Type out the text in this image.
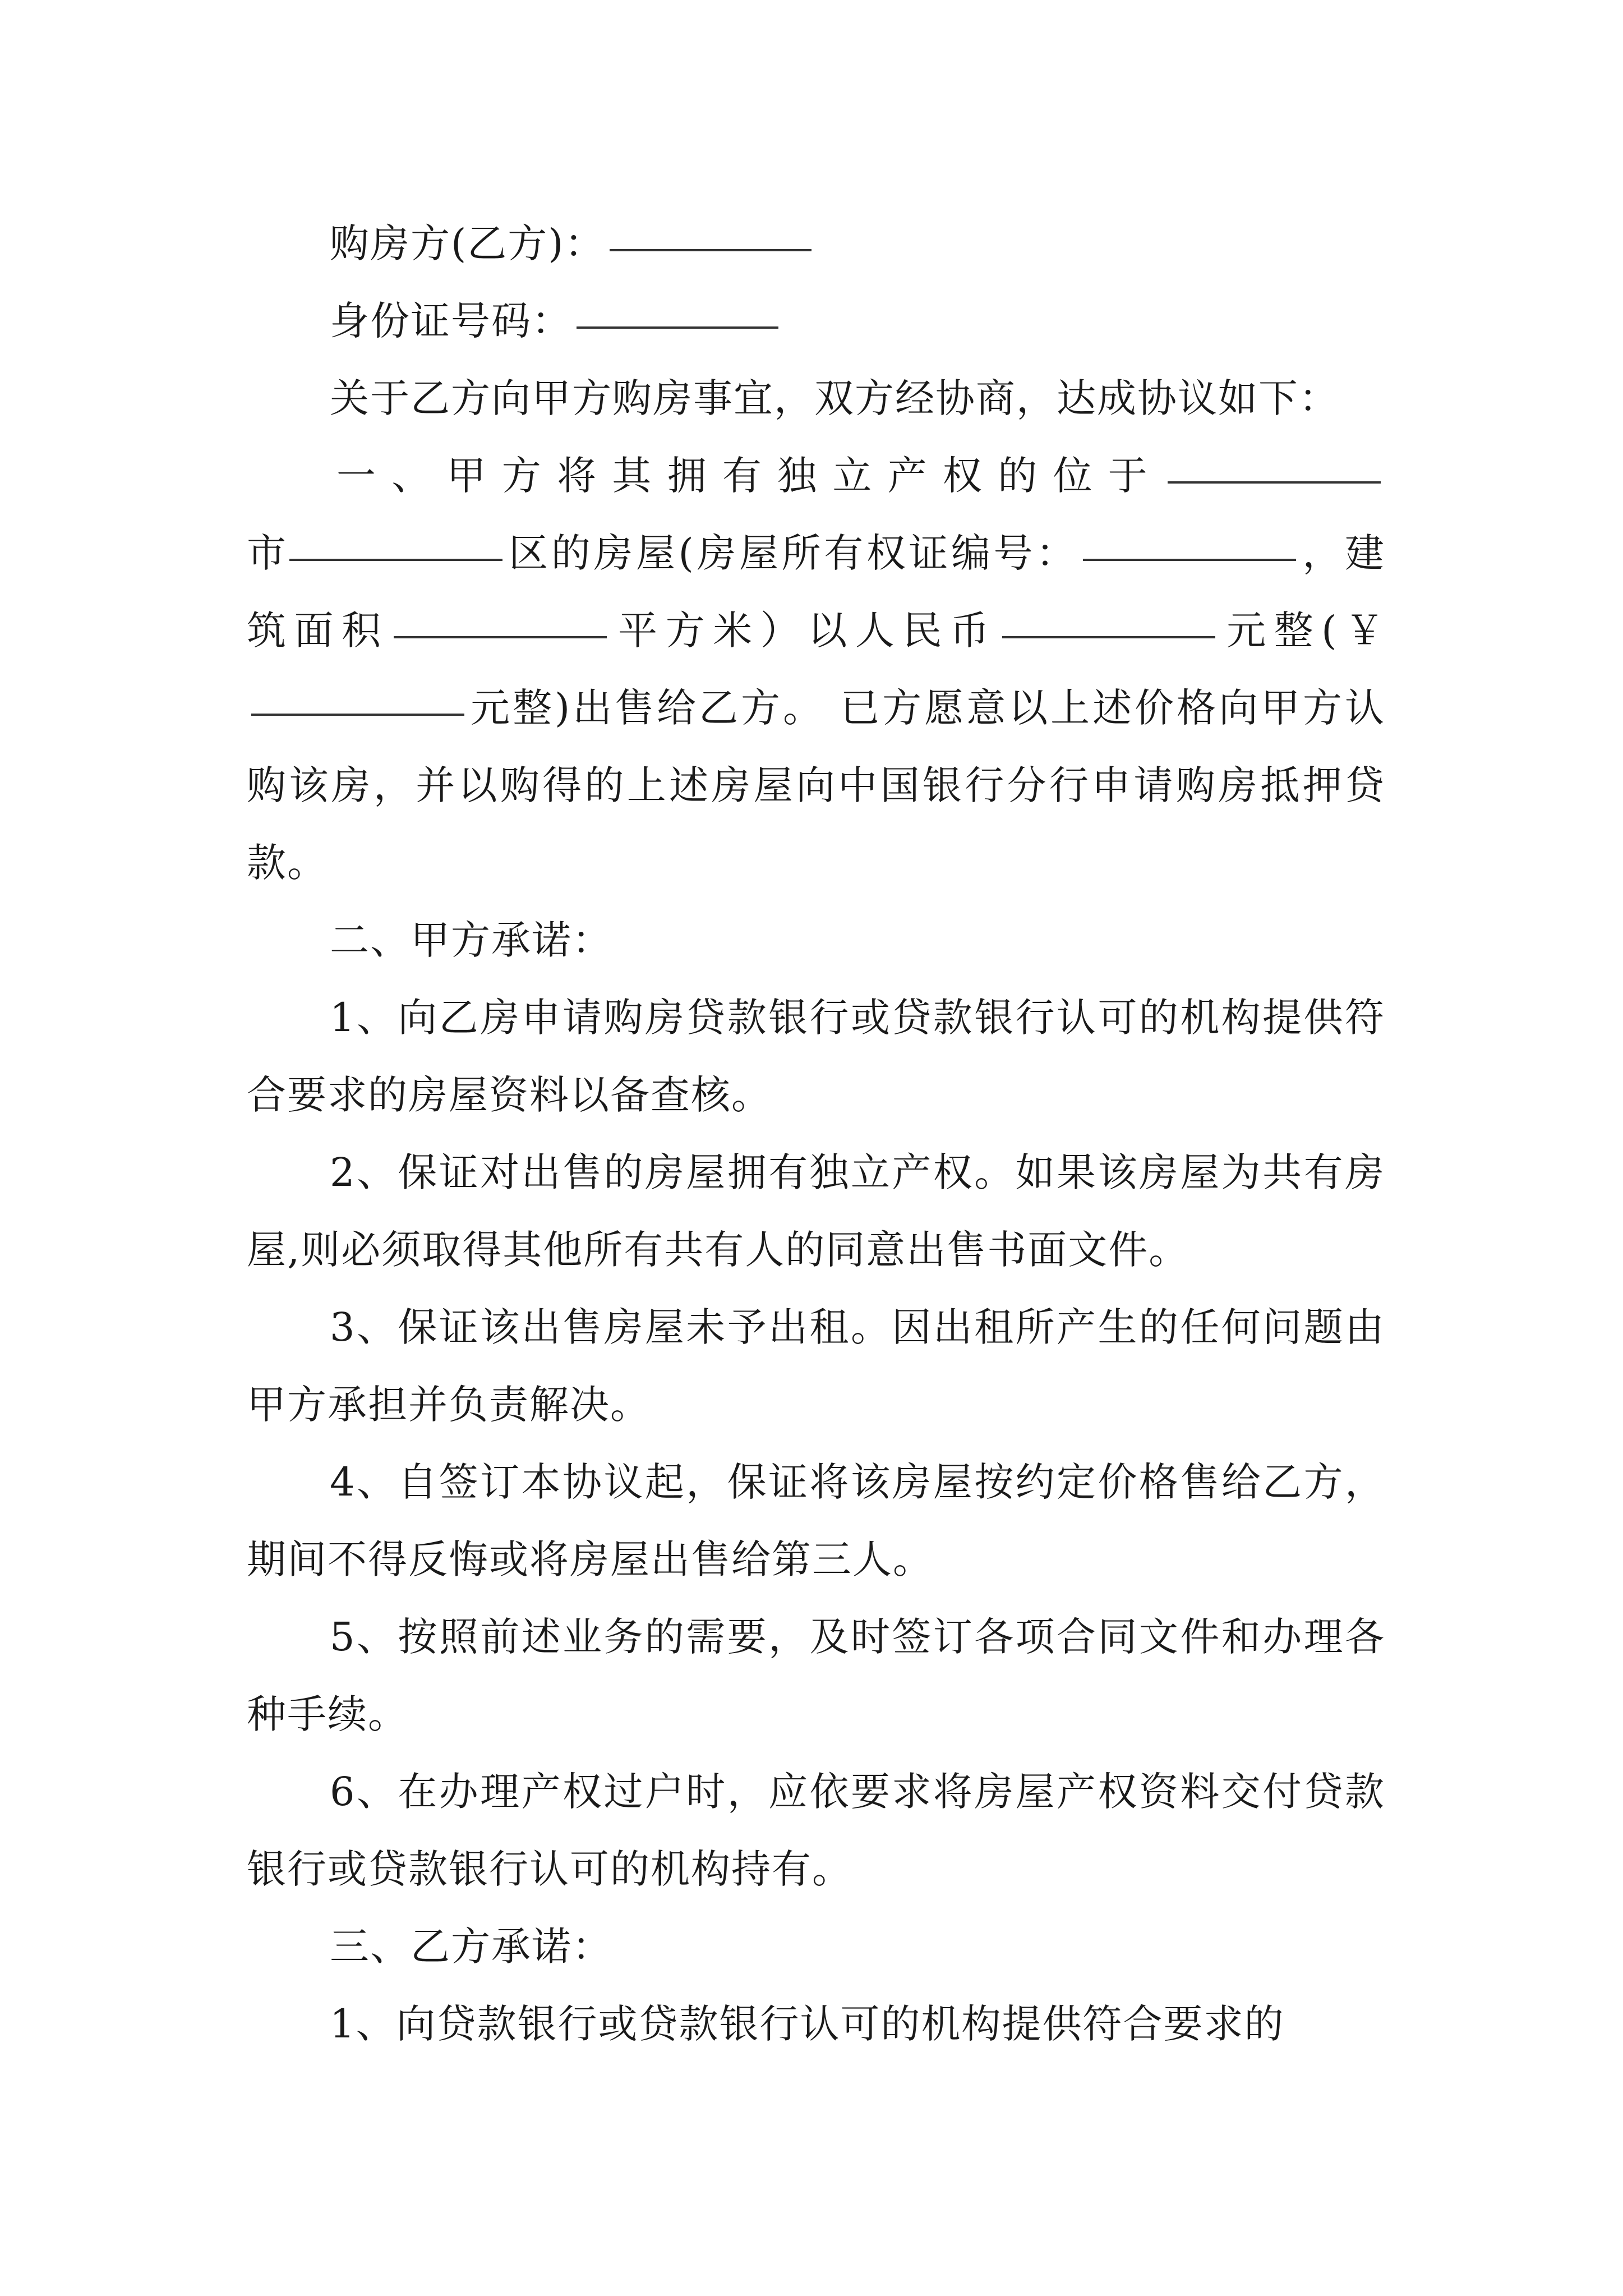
购房方(乙方)：

身份证号码：

关于乙方向甲方购房事宜，双方经协商，达成协议如下：

一、甲方将其拥有独立产权的位于市	区的房屋(房屋所有权证编号：	，建筑面积	平方米）以人民币	元整(￥元整)出售给乙方。 已方愿意以上述价格向甲方认购该房，并以购得的上述房屋向中国银行分行申请购房抵押贷款。

二、甲方承诺：

1、向乙房申请购房贷款银行或贷款银行认可的机构提供符合要求的房屋资料以备查核。

2、保证对出售的房屋拥有独立产权。如果该房屋为共有房屋,则必须取得其他所有共有人的同意出售书面文件。

3、保证该出售房屋未予出租。因出租所产生的任何问题由甲方承担并负责解决。

4、自签订本协议起，保证将该房屋按约定价格售给乙方，期间不得反悔或将房屋出售给第三人。

5、按照前述业务的需要，及时签订各项合同文件和办理各种手续。

6、在办理产权过户时，应依要求将房屋产权资料交付贷款银行或贷款银行认可的机构持有。

三、乙方承诺：

1、向贷款银行或贷款银行认可的机构提供符合要求的
